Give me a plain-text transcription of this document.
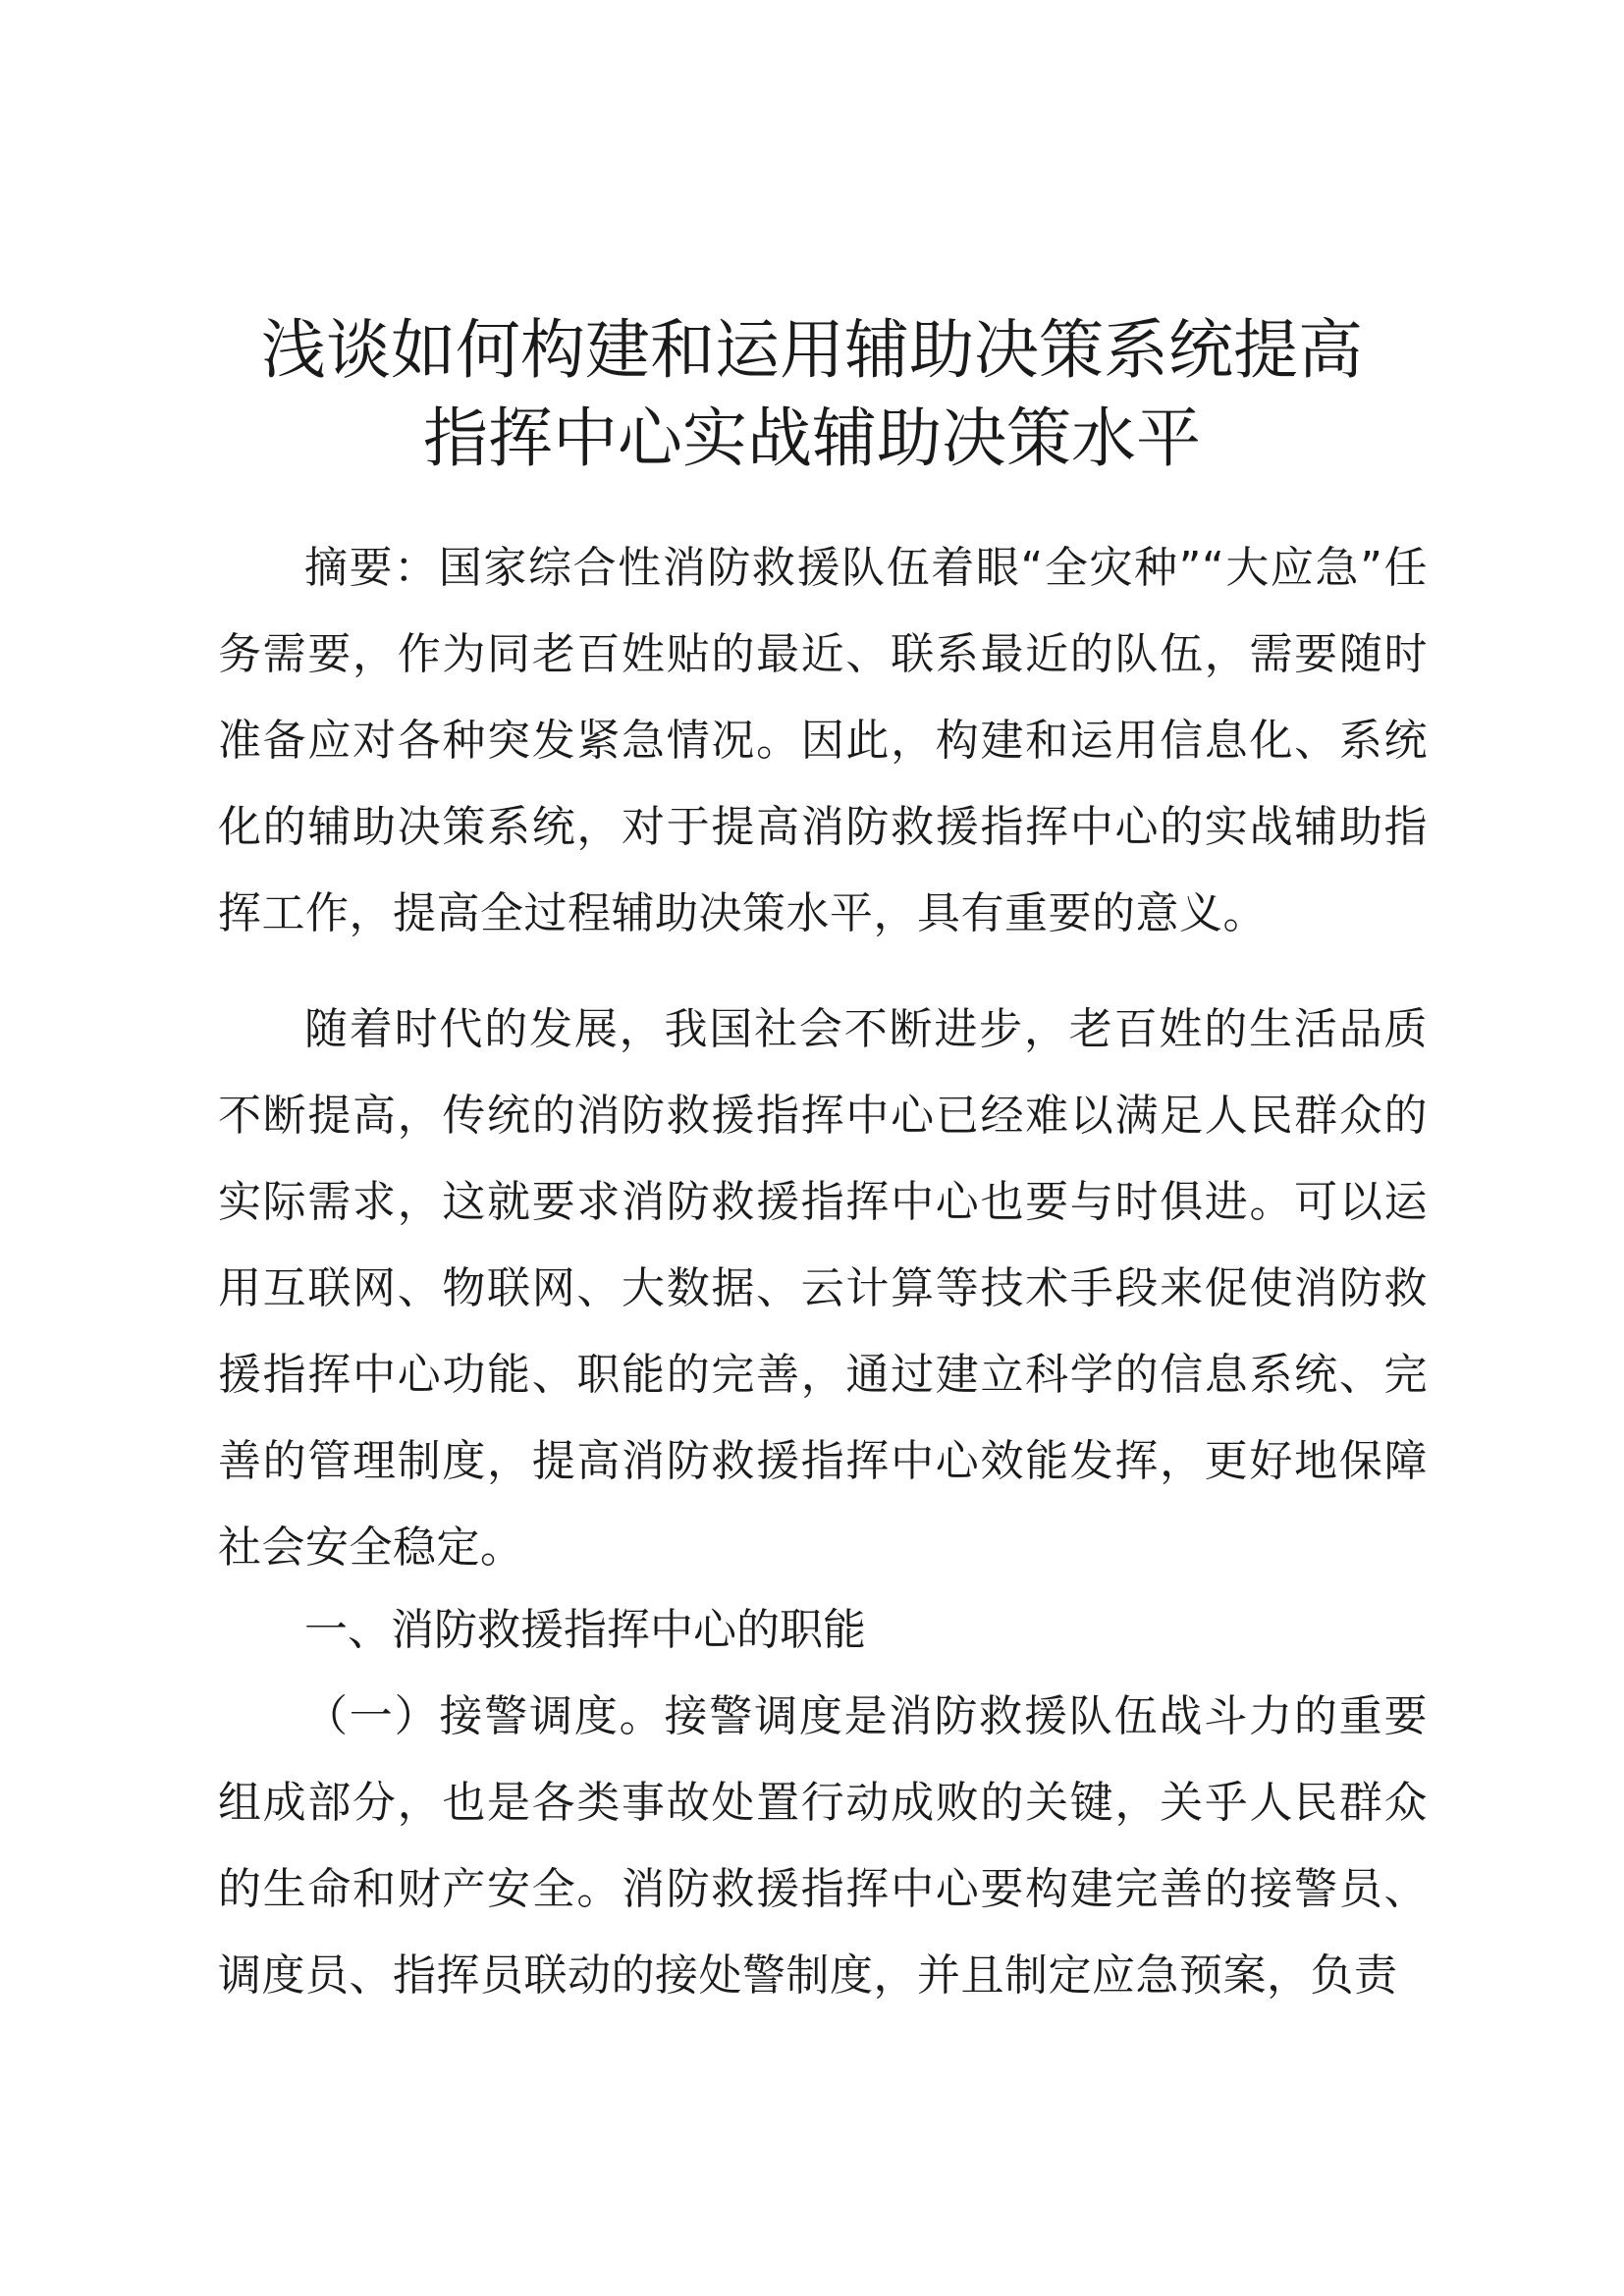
浅谈如何构建和运用辅助决策系统提高
指挥中心实战辅助决策水平

摘要：国家综合性消防救援队伍着眼“全灾种”“大应急”任务需要，作为同老百姓贴的最近、联系最近的队伍，需要随时准备应对各种突发紧急情况。因此，构建和运用信息化、系统化的辅助决策系统，对于提高消防救援指挥中心的实战辅助指挥工作，提高全过程辅助决策水平，具有重要的意义。

随着时代的发展，我国社会不断进步，老百姓的生活品质不断提高，传统的消防救援指挥中心已经难以满足人民群众的实际需求，这就要求消防救援指挥中心也要与时俱进。可以运用互联网、物联网、大数据、云计算等技术手段来促使消防救援指挥中心功能、职能的完善，通过建立科学的信息系统、完善的管理制度，提高消防救援指挥中心效能发挥，更好地保障社会安全稳定。

一、消防救援指挥中心的职能

（一）接警调度。接警调度是消防救援队伍战斗力的重要组成部分，也是各类事故处置行动成败的关键，关乎人民群众的生命和财产安全。消防救援指挥中心要构建完善的接警员、调度员、指挥员联动的接处警制度，并且制定应急预案，负责
